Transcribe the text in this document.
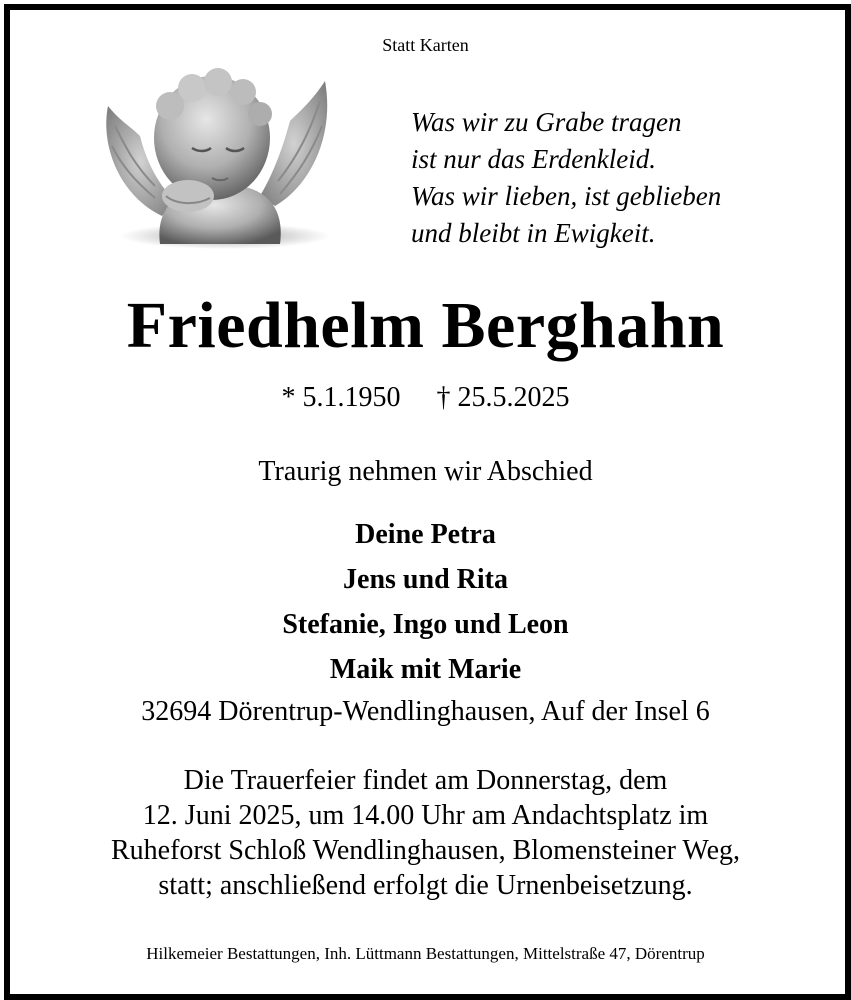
Statt Karten
Was wir zu Grabe tragen
ist nur das Erdenkleid.
Was wir lieben, ist geblieben
und bleibt in Ewigkeit.
Friedhelm Berghahn
* 5.1.1950 † 25.5.2025
Traurig nehmen wir Abschied
Deine Petra
Jens und Rita
Stefanie, Ingo und Leon
Maik mit Marie
32694 Dörentrup-Wendlinghausen, Auf der Insel 6
Die Trauerfeier findet am Donnerstag, dem
12. Juni 2025, um 14.00 Uhr am Andachtsplatz im
Ruheforst Schloß Wendlinghausen, Blomensteiner Weg,
statt; anschließend erfolgt die Urnenbeisetzung.
Hilkemeier Bestattungen, Inh. Lüttmann Bestattungen, Mittelstraße 47, Dörentrup
